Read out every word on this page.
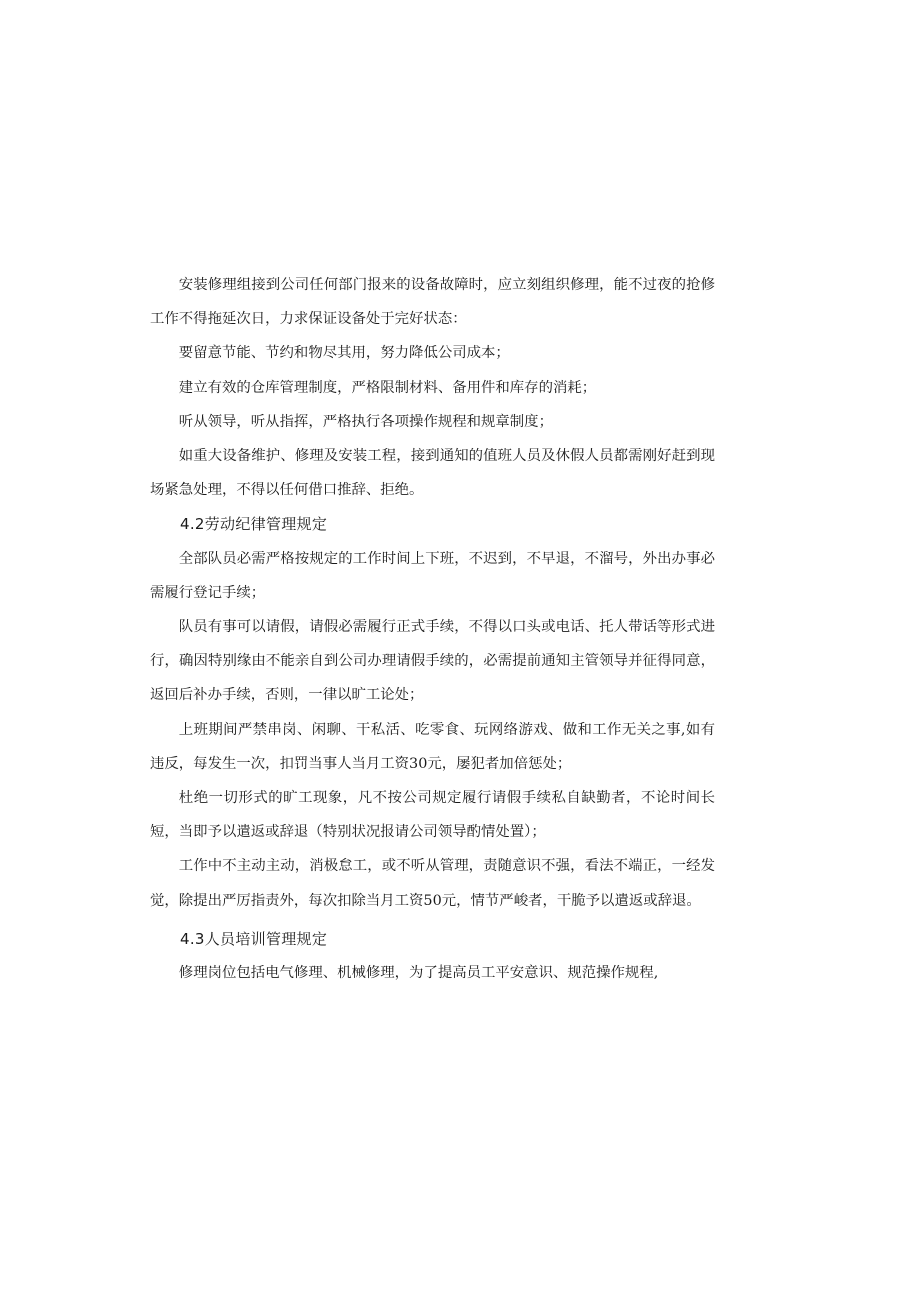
安装修理组接到公司任何部门报来的设备故障时，应立刻组织修理，能不过夜的抢修工作不得拖延次日，力求保证设备处于完好状态：

要留意节能、节约和物尽其用，努力降低公司成本；

建立有效的仓库管理制度，严格限制材料、备用件和库存的消耗；

听从领导，听从指挥，严格执行各项操作规程和规章制度；

如重大设备维护、修理及安装工程，接到通知的值班人员及休假人员都需刚好赶到现场紧急处理，不得以任何借口推辞、拒绝。

4.2劳动纪律管理规定

全部队员必需严格按规定的工作时间上下班，不迟到，不早退，不溜号，外出办事必需履行登记手续；

队员有事可以请假，请假必需履行正式手续，不得以口头或电话、托人带话等形式进行，确因特别缘由不能亲自到公司办理请假手续的，必需提前通知主管领导并征得同意，返回后补办手续，否则，一律以旷工论处；

上班期间严禁串岗、闲聊、干私活、吃零食、玩网络游戏、做和工作无关之事,如有违反，每发生一次，扣罚当事人当月工资30元，屡犯者加倍惩处；

杜绝一切形式的旷工现象，凡不按公司规定履行请假手续私自缺勤者，不论时间长短，当即予以遣返或辞退（特别状况报请公司领导酌情处置）；

工作中不主动主动，消极怠工，或不听从管理，责随意识不强，看法不端正，一经发觉，除提出严厉指责外，每次扣除当月工资50元，情节严峻者，干脆予以遣返或辞退。

4.3人员培训管理规定

修理岗位包括电气修理、机械修理，为了提高员工平安意识、规范操作规程,
